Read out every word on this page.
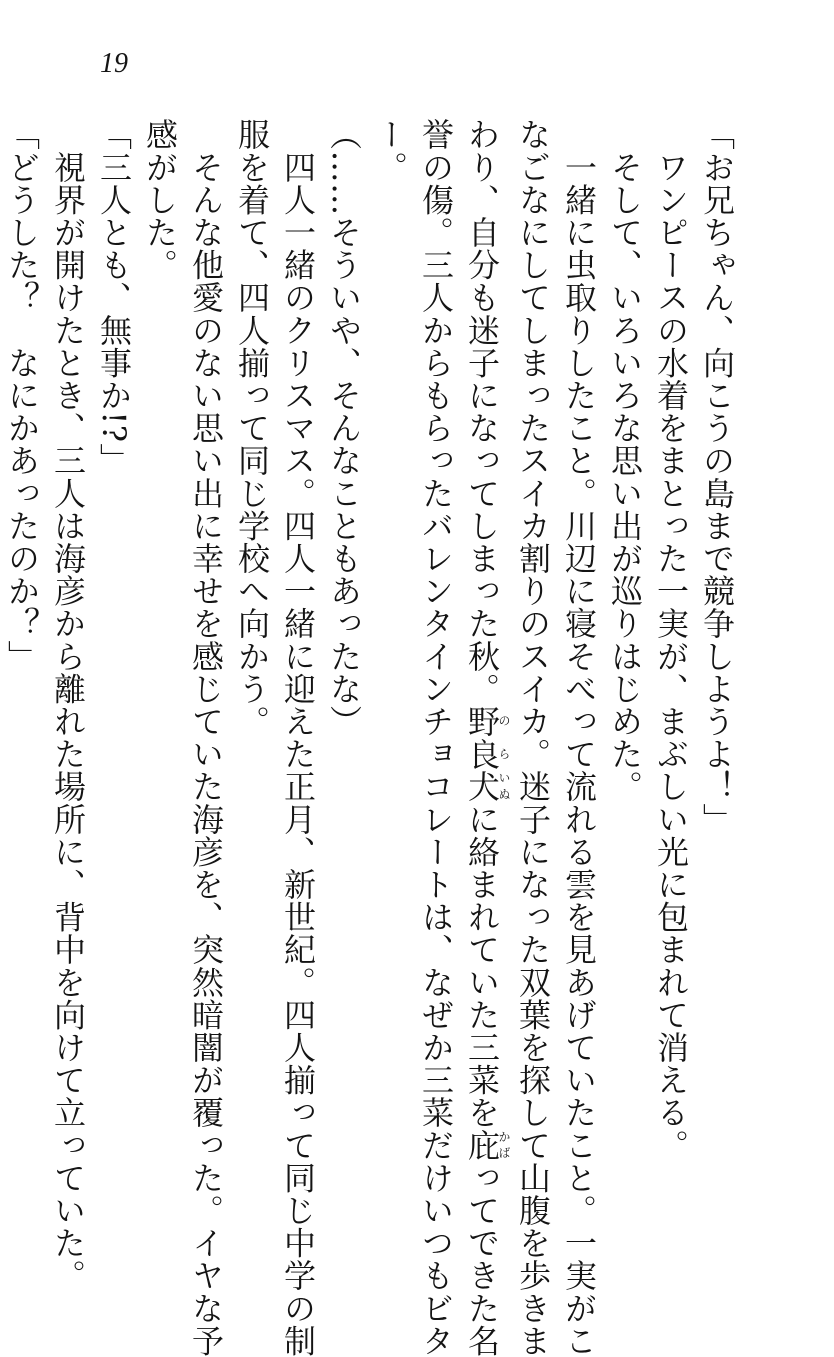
19
「お兄ちゃん、向こうの島まで競争しようよ！」
　ワンピースの水着をまとった一実が、まぶしい光に包まれて消える。
　そして、いろいろな思い出が巡りはじめた。
　一緒に虫取りしたこと。川辺に寝そべって流れる雲を見あげていたこと。一実がこ
なごなにしてしまったスイカ割りのスイカ。迷子になった双葉を探して山腹を歩きま
わり、自分も迷子になってしまった秋。野良のら犬いぬに絡まれていた三菜を庇かばってできた名
誉の傷。三人からもらったバレンタインチョコレートは、なぜか三菜だけいつもビタ
ー。
（……そういや、そんなこともあったな）
　四人一緒のクリスマス。四人一緒に迎えた正月、新世紀。四人揃って同じ中学の制
服を着て、四人揃って同じ学校へ向かう。
　そんな他愛のない思い出に幸せを感じていた海彦を、突然暗闇が覆った。イヤな予
感がした。
「三人とも、無事か!?」
　視界が開けたとき、三人は海彦から離れた場所に、背中を向けて立っていた。
「どうした？　なにかあったのか？」
